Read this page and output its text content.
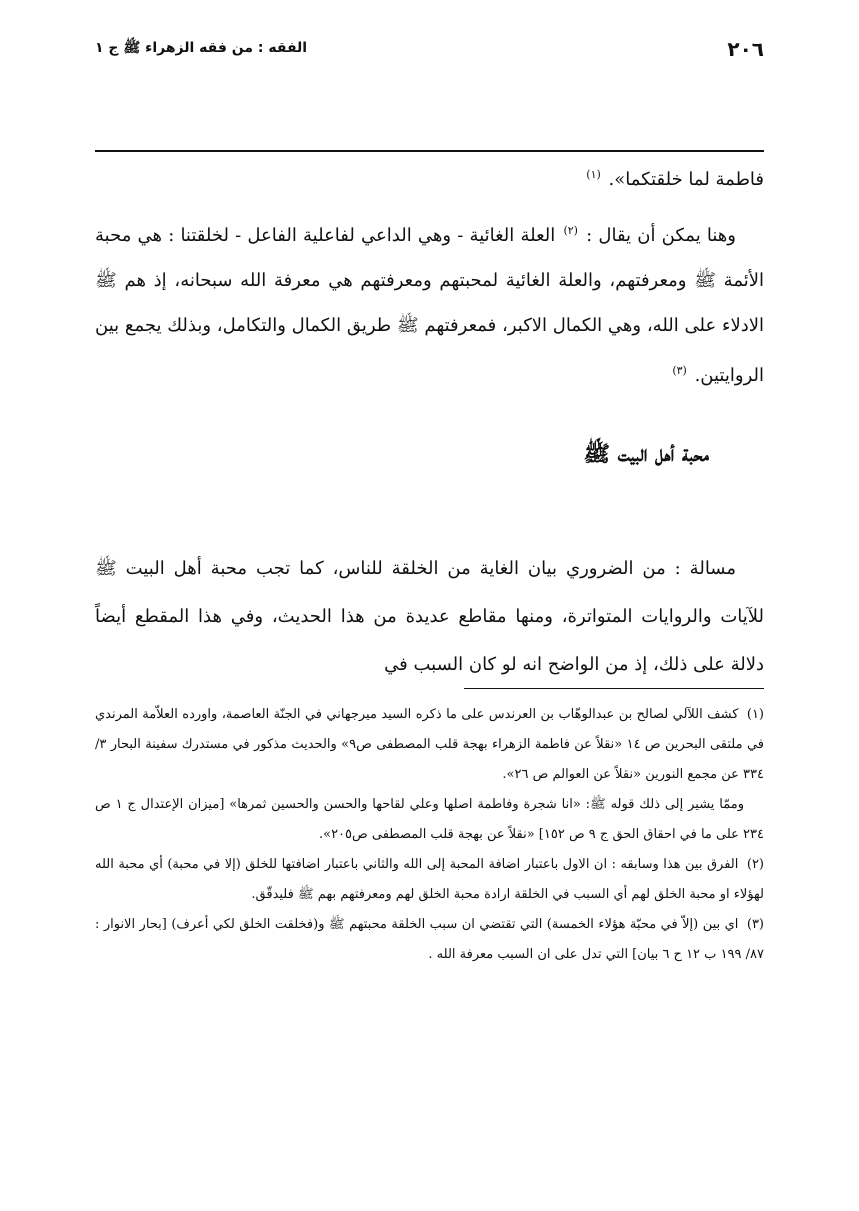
٢٠٦
الفقه : من فقه الزهراء ﷺ ج ١

فاطمة لما خلقتكما». $^{(١)}$

وهنا يمكن أن يقال : $^{(٢)}$ العلة الغائية - وهي الداعي لفاعلية الفاعل - لخلقتنا : هي محبة الأئمة ﷺ ومعرفتهم، والعلة الغائية لمحبتهم ومعرفتهم هي معرفة الله سبحانه، إذ هم ﷺ الادلاء على الله، وهي الكمال الاكبر، فمعرفتهم ﷺ طريق الكمال والتكامل، وبذلك يجمع بين الروايتين. $^{(٣)}$

محبة أهل البيت ﷺ

مسالة : من الضروري بيان الغاية من الخلقة للناس، كما تجب محبة أهل البيت ﷺ للآيات والروايات المتواترة، ومنها مقاطع عديدة من هذا الحديث، وفي هذا المقطع أيضاً دلالة على ذلك، إذ من الواضح انه لو كان السبب في

(١) كشف اللآلي لصالح بن عبدالوهّاب بن العرندس على ما ذكره السيد ميرجهاني في الجنّة العاصمة، واورده العلاّمة المرندي في ملتقى البحرين ص ١٤ «نقلاً عن فاطمة الزهراء بهجة قلب المصطفى ص٩» والحديث مذكور في مستدرك سفينة البحار ٣/ ٣٣٤ عن مجمع النورين «نقلاً عن العوالم ص ٢٦».

وممّا يشير إلى ذلك قوله ﷺ: «انا شجرة وفاطمة اصلها وعلي لقاحها والحسن والحسين ثمرها» [ميزان الإعتدال ج ١ ص ٢٣٤ على ما في احقاق الحق ج ٩ ص ١٥٢] «نقلاً عن بهجة قلب المصطفى ص٢٠٥».

(٢) الفرق بين هذا وسابقه : ان الاول باعتبار اضافة المحبة إلى الله والثاني باعتبار اضافتها للخلق (إلا في محبة) أي محبة الله لهؤلاء او محبة الخلق لهم أي السبب في الخلقة ارادة محبة الخلق لهم ومعرفتهم بهم ﷺ فليدقّق.

(٣) اي بين (إلاّ في محبّة هؤلاء الخمسة) التي تقتضي ان سبب الخلقة محبتهم ﷺ و(فخلقت الخلق لكي أعرف) [بحار الانوار : ٨٧/ ١٩٩ ب ١٢ ح ٦ بيان] التي تدل على ان السبب معرفة الله .
